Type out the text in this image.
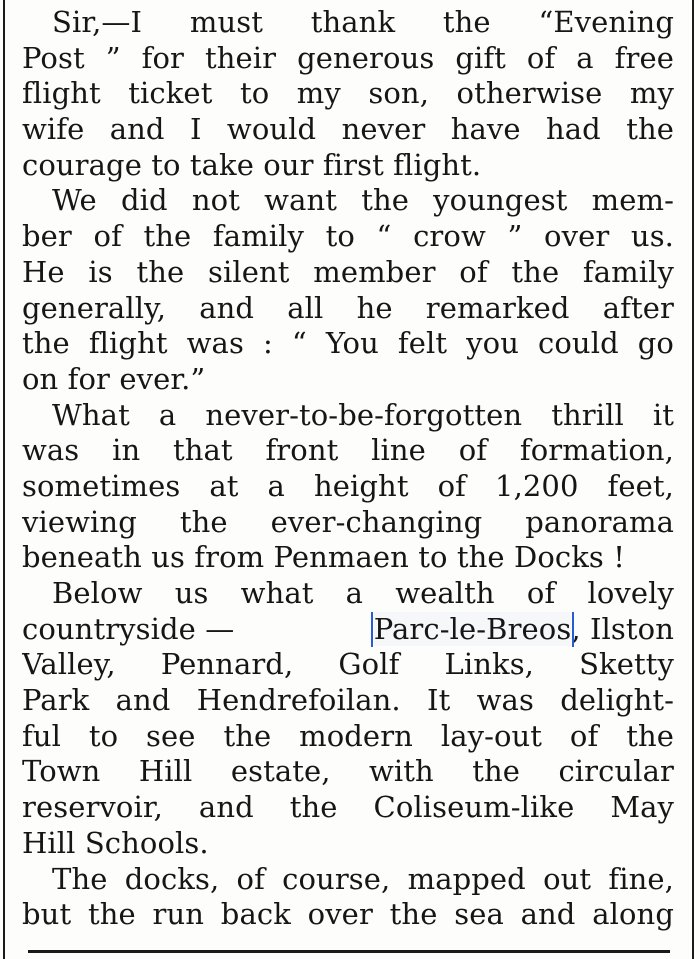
Sir,—I must thank the “Evening
Post ” for their generous gift of a free
flight ticket to my son, otherwise my
wife and I would never have had the
courage to take our first flight.
We did not want the youngest mem-
ber of the family to “ crow ” over us.
He is the silent member of the family
generally, and all he remarked after
the flight was : “ You felt you could go
on for ever.”
What a never-to-be-forgotten thrill it
was in that front line of formation,
sometimes at a height of 1,200 feet,
viewing the ever-changing panorama
beneath us from Penmaen to the Docks !
Below us what a wealth of lovely
countryside —	Parc-le-Breos, Ilston
Valley, Pennard, Golf Links, Sketty
Park and Hendrefoilan. It was delight-
ful to see the modern lay-out of the
Town Hill estate, with the circular
reservoir, and the Coliseum-like May
Hill Schools.
The docks, of course, mapped out fine,
but the run back over the sea and along
